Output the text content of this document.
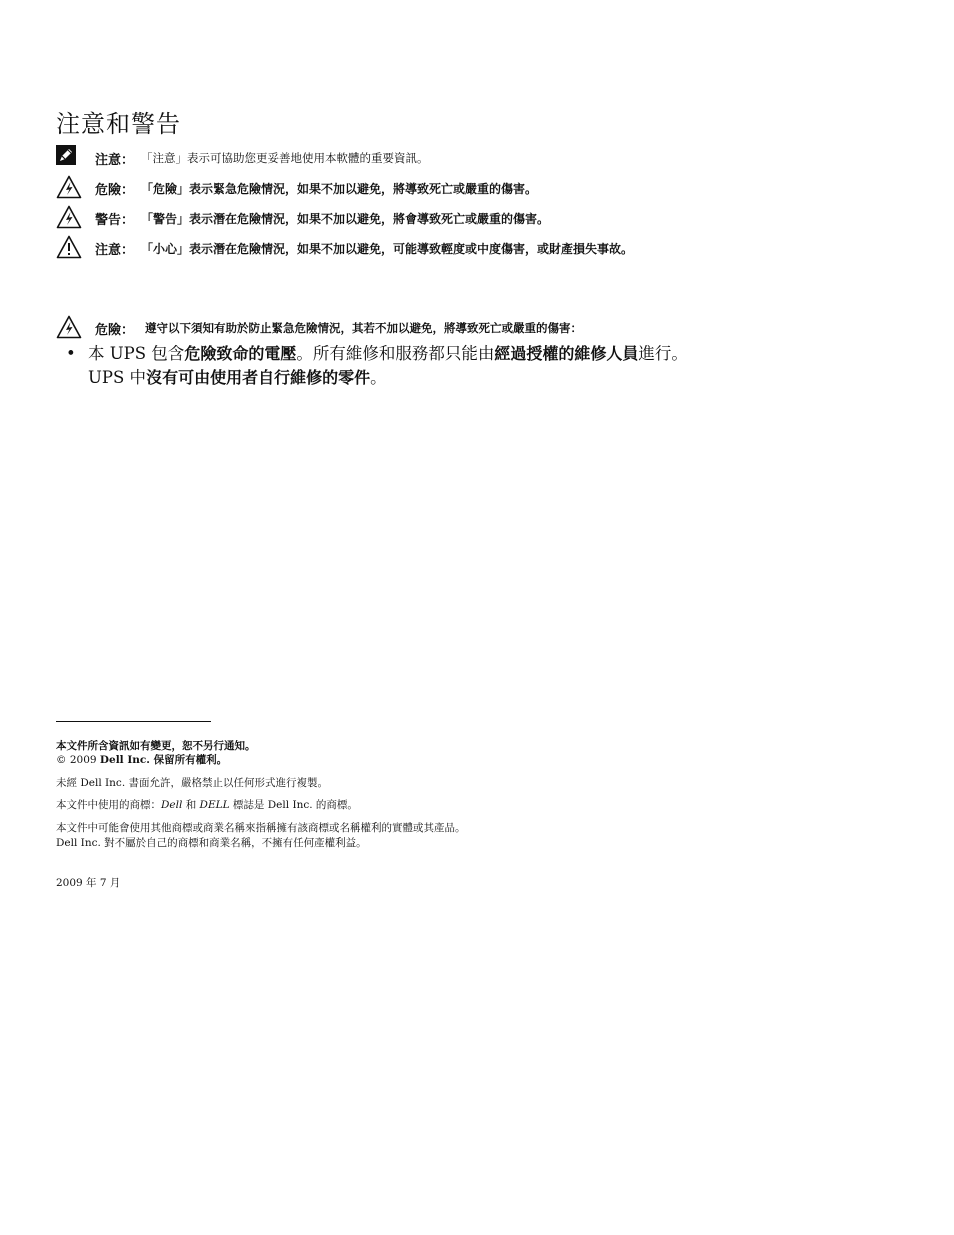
注意和警告
注意： 「注意」表示可協助您更妥善地使用本軟體的重要資訊。
危險： 「危險」表示緊急危險情況，如果不加以避免，將導致死亡或嚴重的傷害。
警告： 「警告」表示潛在危險情況，如果不加以避免，將會導致死亡或嚴重的傷害。
注意： 「小心」表示潛在危險情況，如果不加以避免，可能導致輕度或中度傷害，或財產損失事故。
危險： 遵守以下須知有助於防止緊急危險情況，其若不加以避免，將導致死亡或嚴重的傷害：
• 本 UPS 包含危險致命的電壓。所有維修和服務都只能由經過授權的維修人員進行。 UPS 中沒有可由使用者自行維修的零件。
本文件所含資訊如有變更，恕不另行通知。
© 2009 Dell Inc. 保留所有權利。
未經 Dell Inc. 書面允許，嚴格禁止以任何形式進行複製。
本文件中使用的商標：Dell 和 DELL 標誌是 Dell Inc. 的商標。
本文件中可能會使用其他商標或商業名稱來指稱擁有該商標或名稱權利的實體或其產品。
Dell Inc. 對不屬於自己的商標和商業名稱，不擁有任何產權利益。
2009 年 7 月
